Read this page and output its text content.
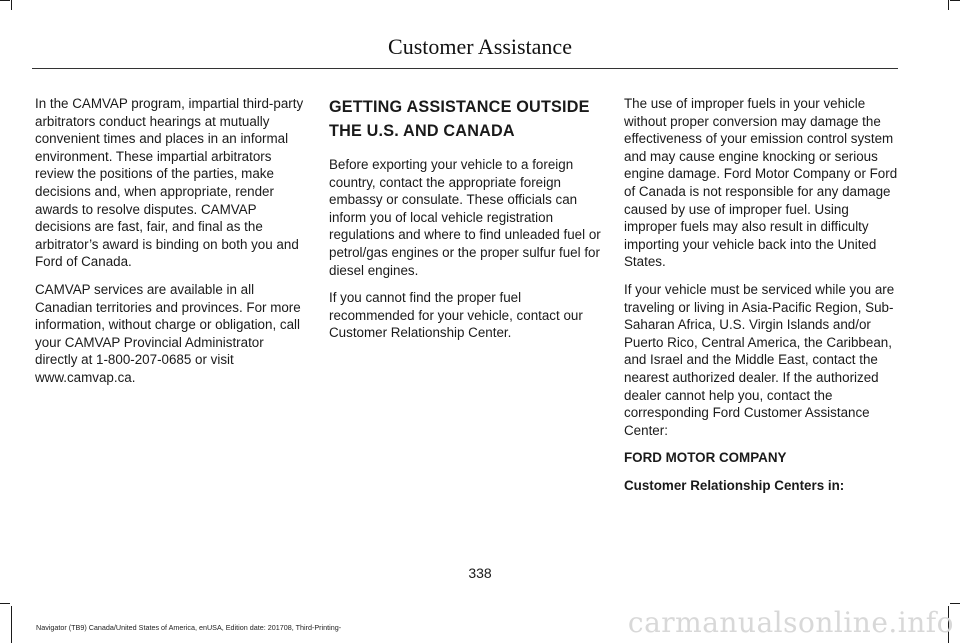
Customer Assistance

In the CAMVAP program, impartial third-party arbitrators conduct hearings at mutually convenient times and places in an informal environment. These impartial arbitrators review the positions of the parties, make decisions and, when appropriate, render awards to resolve disputes. CAMVAP decisions are fast, fair, and final as the arbitrator’s award is binding on both you and Ford of Canada.

CAMVAP services are available in all Canadian territories and provinces. For more information, without charge or obligation, call your CAMVAP Provincial Administrator directly at 1-800-207-0685 or visit www.camvap.ca.

GETTING ASSISTANCE OUTSIDE
THE U.S. AND CANADA

Before exporting your vehicle to a foreign country, contact the appropriate foreign embassy or consulate. These officials can inform you of local vehicle registration regulations and where to find unleaded fuel or petrol/gas engines or the proper sulfur fuel for diesel engines.

If you cannot find the proper fuel recommended for your vehicle, contact our Customer Relationship Center.

The use of improper fuels in your vehicle without proper conversion may damage the effectiveness of your emission control system and may cause engine knocking or serious engine damage. Ford Motor Company or Ford of Canada is not responsible for any damage caused by use of improper fuel. Using improper fuels may also result in difficulty importing your vehicle back into the United States.

If your vehicle must be serviced while you are traveling or living in Asia-Pacific Region, Sub-Saharan Africa, U.S. Virgin Islands and/or Puerto Rico, Central America, the Caribbean, and Israel and the Middle East, contact the nearest authorized dealer. If the authorized dealer cannot help you, contact the corresponding Ford Customer Assistance Center:

FORD MOTOR COMPANY

Customer Relationship Centers in:

338
Navigator (TB9) Canada/United States of America, enUSA, Edition date: 201708, Third-Printing-	carmanualsonline.info
